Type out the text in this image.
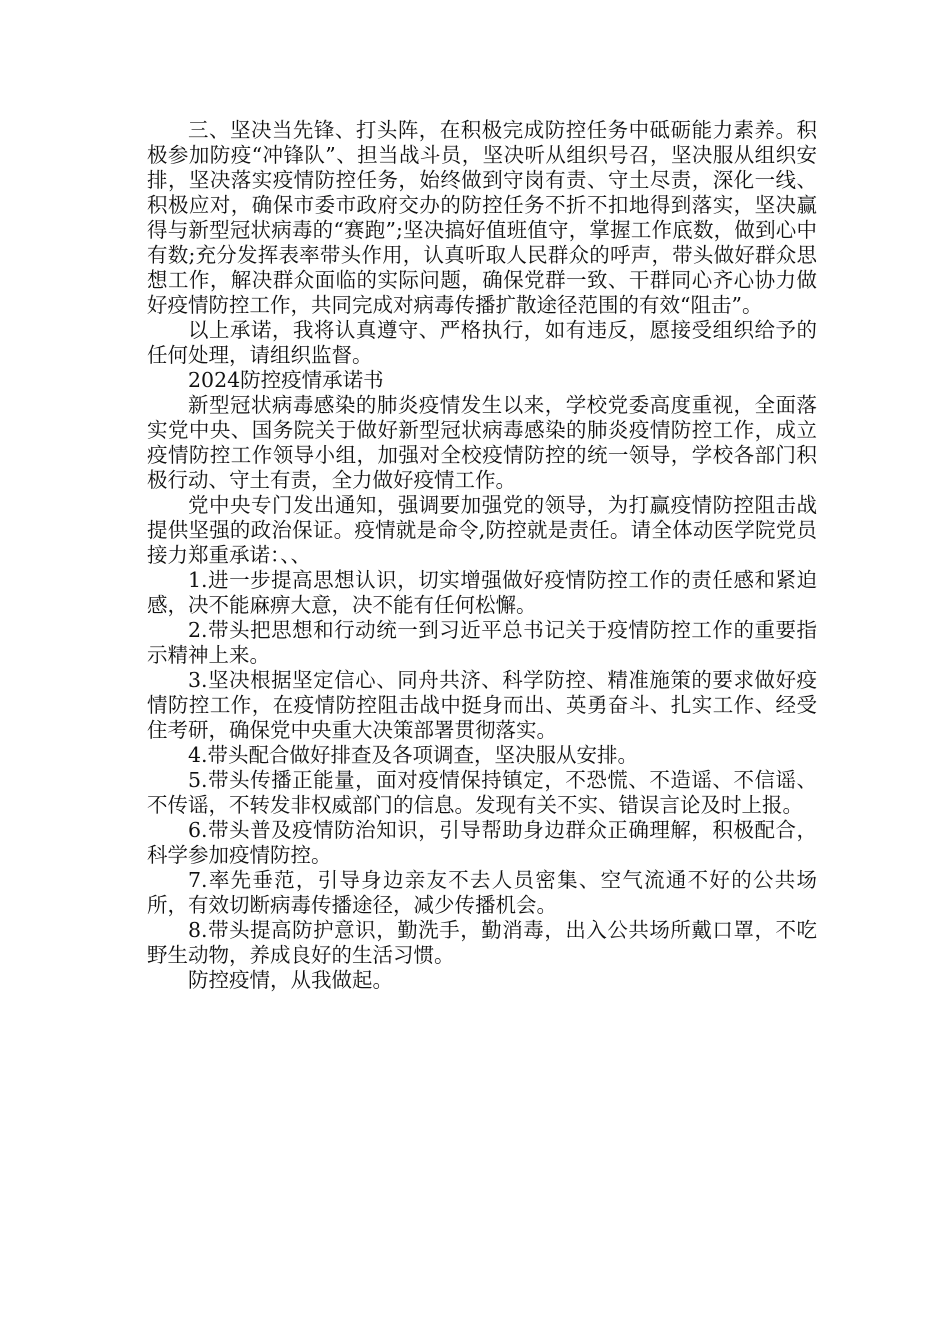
三、坚决当先锋、打头阵，在积极完成防控任务中砥砺能力素养。积极参加防疫“冲锋队”、担当战斗员，坚决听从组织号召，坚决服从组织安排，坚决落实疫情防控任务，始终做到守岗有责、守土尽责，深化一线、积极应对，确保市委市政府交办的防控任务不折不扣地得到落实，坚决赢得与新型冠状病毒的“赛跑”;坚决搞好值班值守，掌握工作底数，做到心中有数;充分发挥表率带头作用，认真听取人民群众的呼声，带头做好群众思想工作，解决群众面临的实际问题，确保党群一致、干群同心齐心协力做好疫情防控工作，共同完成对病毒传播扩散途径范围的有效“阻击”。

以上承诺，我将认真遵守、严格执行，如有违反，愿接受组织给予的任何处理，请组织监督。

2024防控疫情承诺书

新型冠状病毒感染的肺炎疫情发生以来，学校党委高度重视，全面落实党中央、国务院关于做好新型冠状病毒感染的肺炎疫情防控工作，成立疫情防控工作领导小组，加强对全校疫情防控的统一领导，学校各部门积极行动、守土有责，全力做好疫情工作。

党中央专门发出通知，强调要加强党的领导，为打赢疫情防控阻击战提供坚强的政治保证。疫情就是命令,防控就是责任。请全体动医学院党员接力郑重承诺：、、

1.进一步提高思想认识，切实增强做好疫情防控工作的责任感和紧迫感，决不能麻痹大意，决不能有任何松懈。

2.带头把思想和行动统一到习近平总书记关于疫情防控工作的重要指示精神上来。

3.坚决根据坚定信心、同舟共济、科学防控、精准施策的要求做好疫情防控工作，在疫情防控阻击战中挺身而出、英勇奋斗、扎实工作、经受住考研，确保党中央重大决策部署贯彻落实。

4.带头配合做好排查及各项调查，坚决服从安排。

5.带头传播正能量，面对疫情保持镇定，不恐慌、不造谣、不信谣、不传谣，不转发非权威部门的信息。发现有关不实、错误言论及时上报。

6.带头普及疫情防治知识，引导帮助身边群众正确理解，积极配合，科学参加疫情防控。

7.率先垂范，引导身边亲友不去人员密集、空气流通不好的公共场所，有效切断病毒传播途径，减少传播机会。

8.带头提高防护意识，勤洗手，勤消毒，出入公共场所戴口罩，不吃野生动物，养成良好的生活习惯。

防控疫情，从我做起。
